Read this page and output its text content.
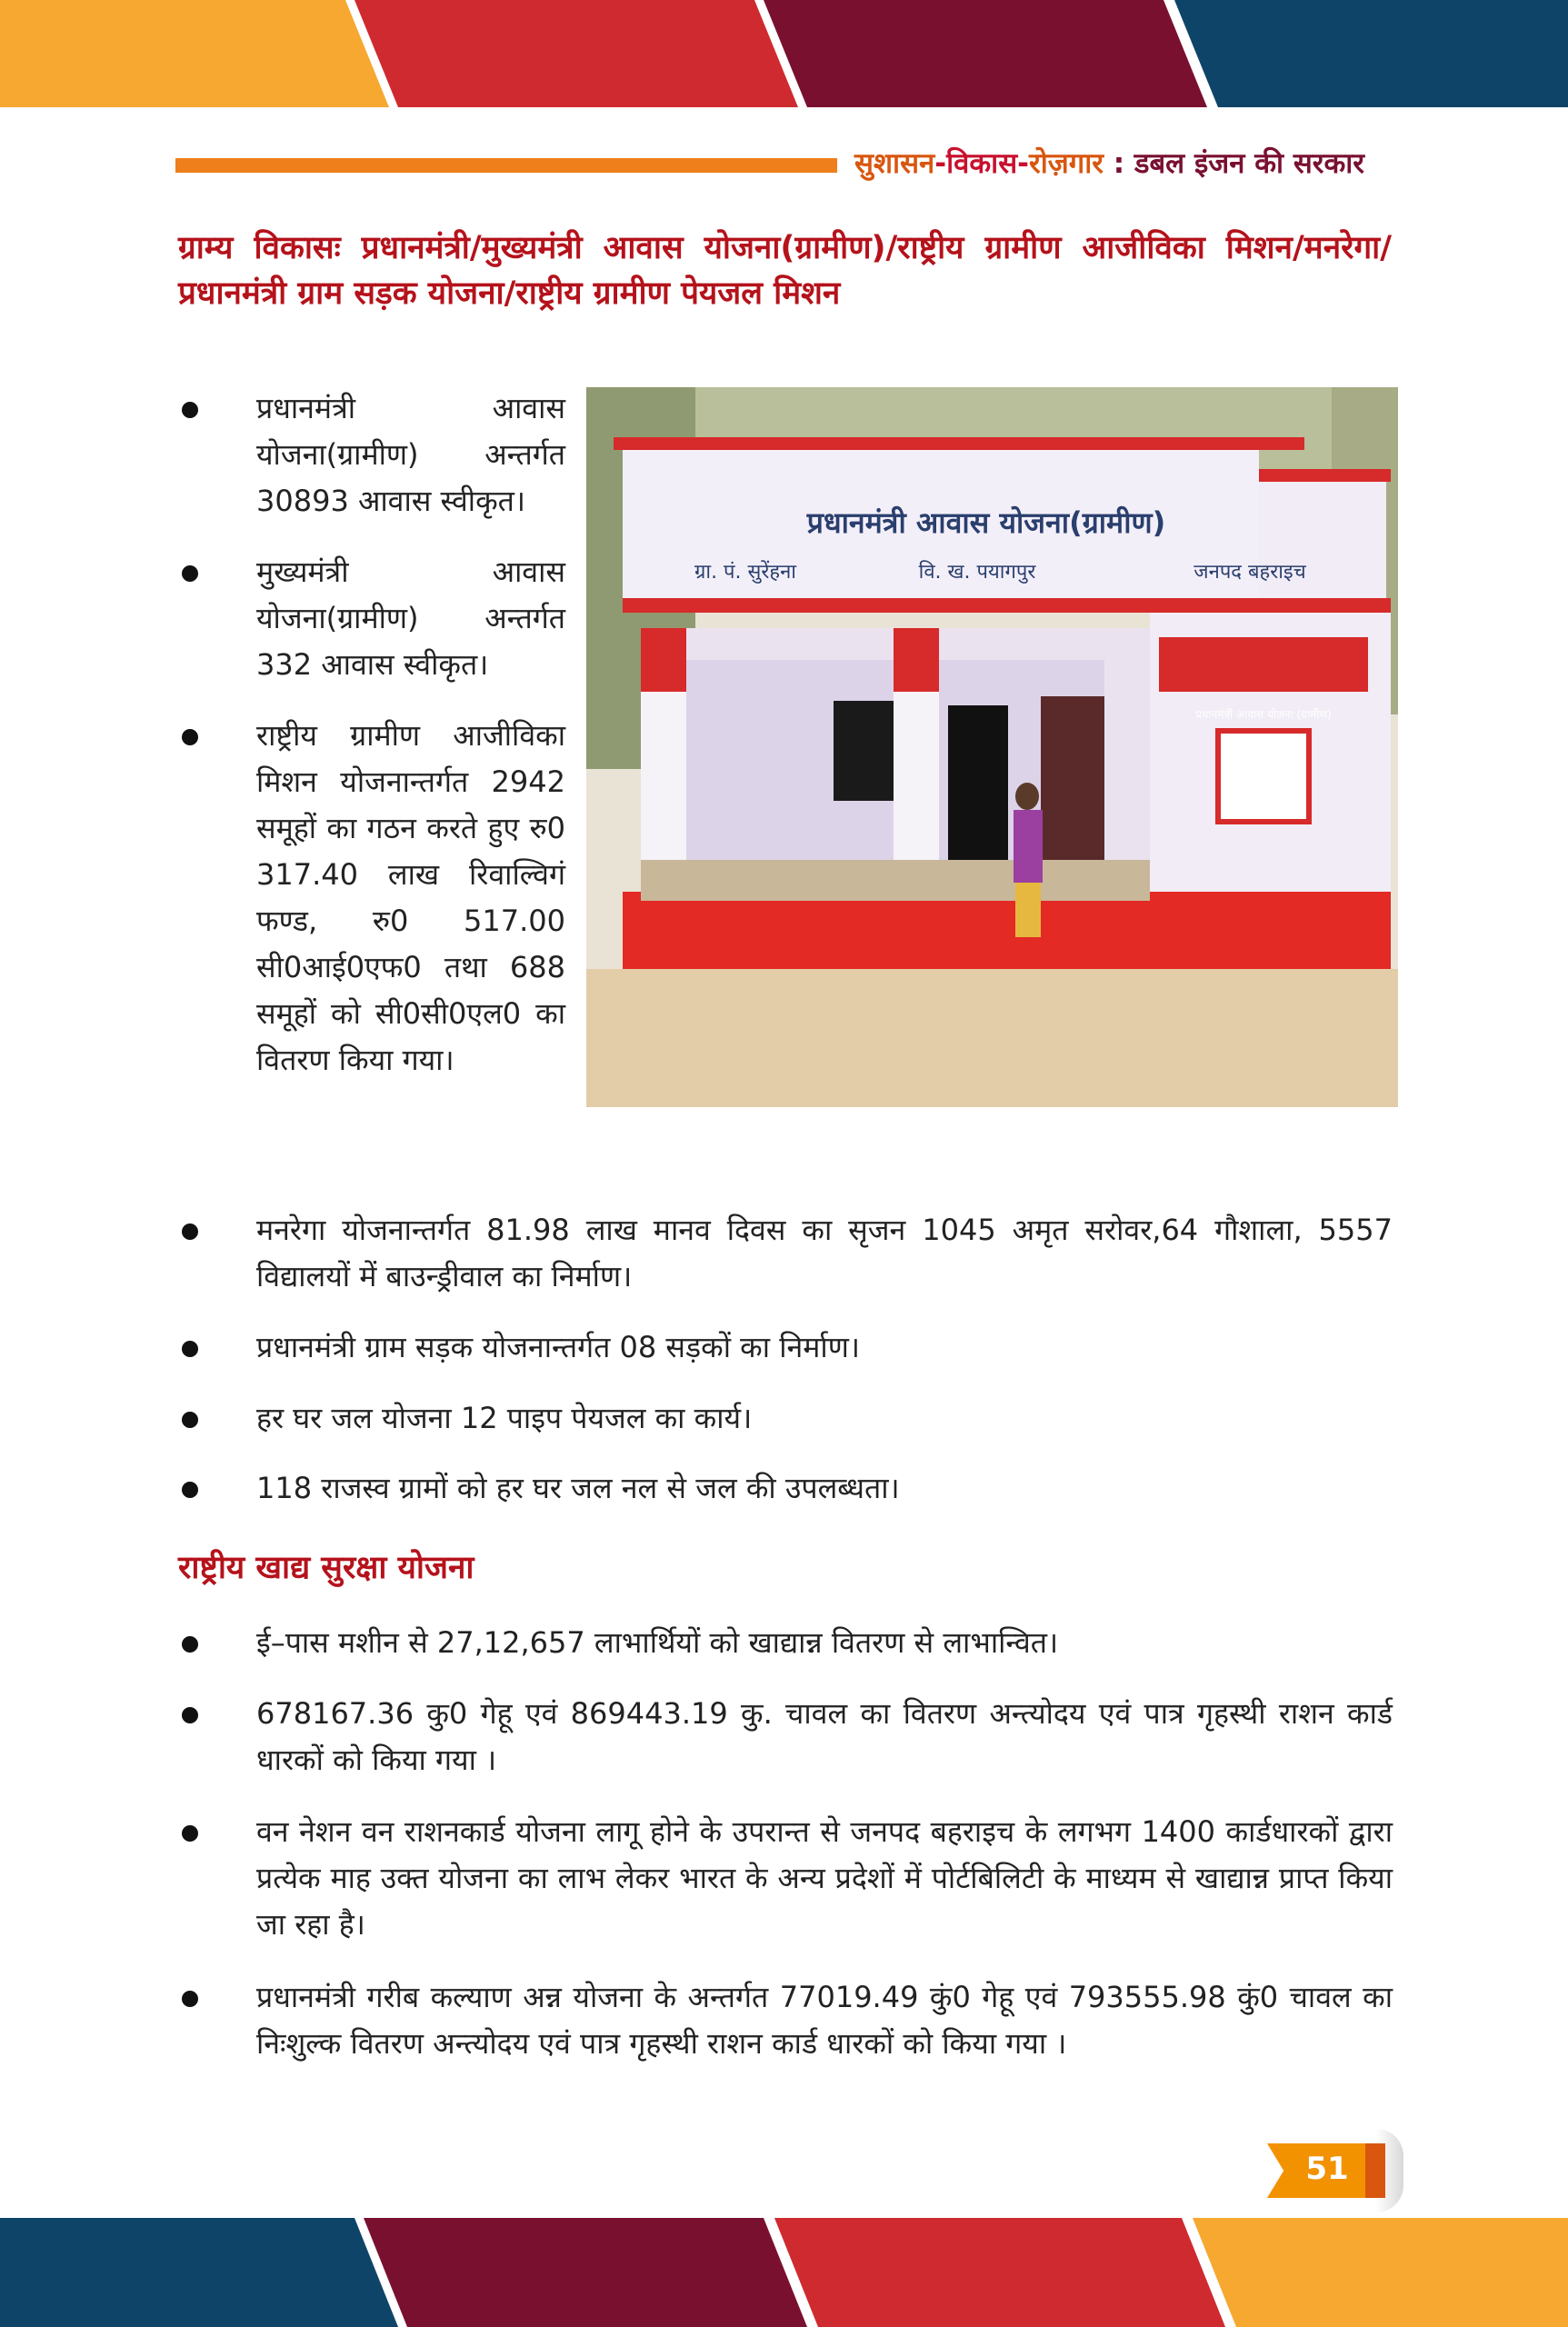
सुशासन-विकास-रोज़गार : डबल इंजन की सरकार
ग्राम्य विकासः प्रधानमंत्री/मुख्यमंत्री आवास योजना(ग्रामीण)/राष्ट्रीय ग्रामीण आजीविका मिशन/मनरेगा/प्रधानमंत्री ग्राम सड़क योजना/राष्ट्रीय ग्रामीण पेयजल मिशन
प्रधानमंत्री आवास योजना(ग्रामीण) अन्तर्गत 30893 आवास स्वीकृत।
मुख्यमंत्री आवास योजना(ग्रामीण) अन्तर्गत 332 आवास स्वीकृत।
राष्ट्रीय ग्रामीण आजीविका मिशन योजनान्तर्गत 2942 समूहों का गठन करते हुए रु0 317.40 लाख रिवाल्विगं फण्ड, रु0 517.00 सी0आई0एफ0 तथा 688 समूहों को सी0सी0एल0 का वितरण किया गया।
प्रधानमंत्री आवास योजना(ग्रामीण)
ग्रा. पं. सुरेंहना	वि. ख. पयागपुर	जनपद बहराइच
प्रधानमंत्री आवास योजना (ग्रामीण)
मनरेगा योजनान्तर्गत 81.98 लाख मानव दिवस का सृजन 1045 अमृत सरोवर,64 गौशाला, 5557 विद्यालयों में बाउन्ड्रीवाल का निर्माण।
प्रधानमंत्री ग्राम सड़क योजनान्तर्गत 08 सड़कों का निर्माण।
हर घर जल योजना 12 पाइप पेयजल का कार्य।
118 राजस्व ग्रामों को हर घर जल नल से जल की उपलब्धता।
राष्ट्रीय खाद्य सुरक्षा योजना
ई–पास मशीन से 27,12,657 लाभार्थियों को खाद्यान्न वितरण से लाभान्वित।
678167.36 कु0 गेहू एवं 869443.19 कु. चावल का वितरण अन्त्योदय एवं पात्र गृहस्थी राशन कार्ड धारकों को किया गया ।
वन नेशन वन राशनकार्ड योजना लागू होने के उपरान्त से जनपद बहराइच के लगभग 1400 कार्डधारकों द्वारा प्रत्येक माह उक्त योजना का लाभ लेकर भारत के अन्य प्रदेशों में पोर्टबिलिटी के माध्यम से खाद्यान्न प्राप्त किया जा रहा है।
प्रधानमंत्री गरीब कल्याण अन्न योजना के अन्तर्गत 77019.49 कुं0 गेहू एवं 793555.98 कुं0 चावल का निःशुल्क वितरण अन्त्योदय एवं पात्र गृहस्थी राशन कार्ड धारकों को किया गया ।
51
